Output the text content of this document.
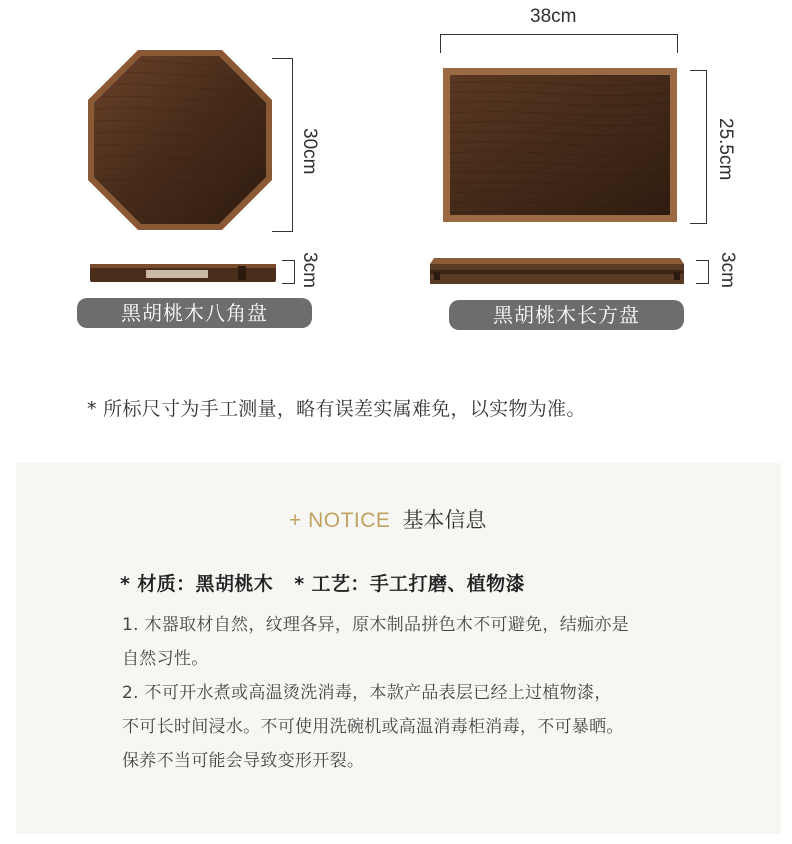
30cm
3cm
黑胡桃木八角盘
38cm
25.5cm
3cm
黑胡桃木长方盘
* 所标尺寸为手工测量，略有误差实属难免，以实物为准。
+ NOTICE 基本信息
* 材质：黑胡桃木   * 工艺：手工打磨、植物漆
1. 木器取材自然，纹理各异，原木制品拼色木不可避免，结痂亦是
自然习性。
2. 不可开水煮或高温烫洗消毒，本款产品表层已经上过植物漆，
不可长时间浸水。不可使用洗碗机或高温消毒柜消毒，不可暴晒。
保养不当可能会导致变形开裂。
